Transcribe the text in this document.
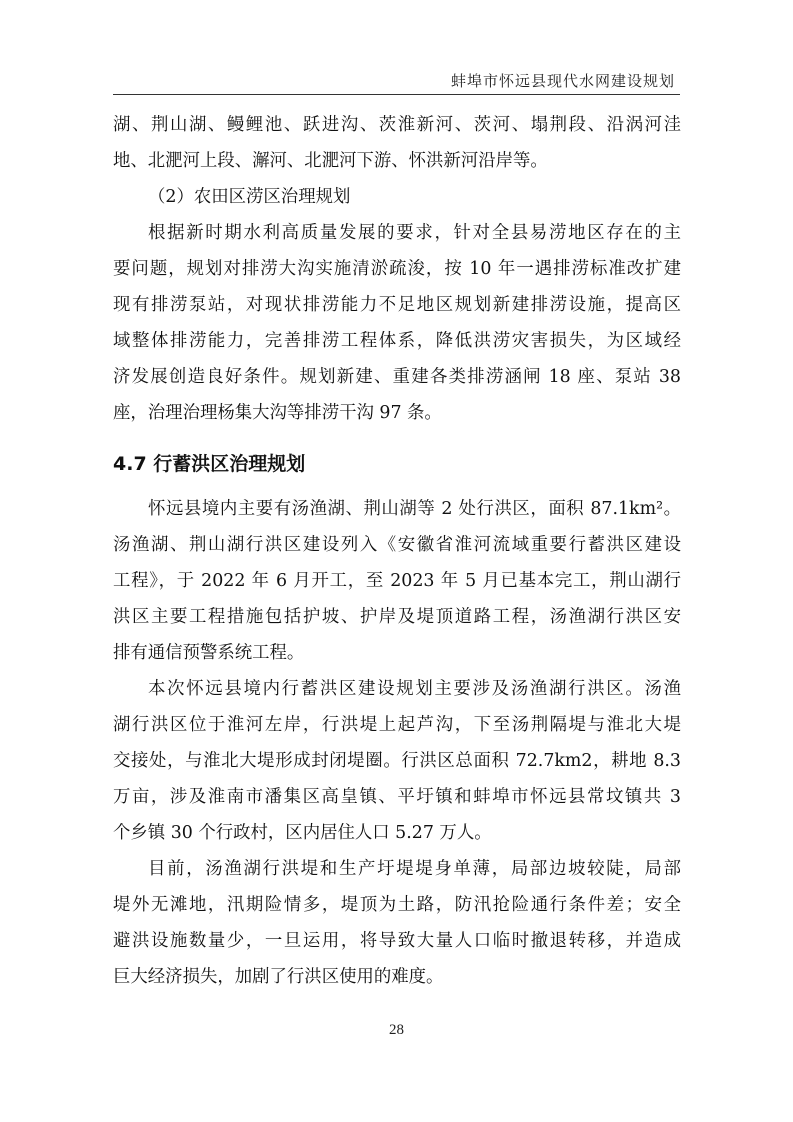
蚌埠市怀远县现代水网建设规划
湖、荆山湖、鳗鲤池、跃进沟、茨淮新河、茨河、塌荆段、沿涡河洼
地、北淝河上段、澥河、北淝河下游、怀洪新河沿岸等。
（2）农田区涝区治理规划
根据新时期水利高质量发展的要求，针对全县易涝地区存在的主
要问题，规划对排涝大沟实施清淤疏浚，按 10 年一遇排涝标准改扩建
现有排涝泵站，对现状排涝能力不足地区规划新建排涝设施，提高区
域整体排涝能力，完善排涝工程体系，降低洪涝灾害损失，为区域经
济发展创造良好条件。规划新建、重建各类排涝涵闸 18 座、泵站 38
座，治理治理杨集大沟等排涝干沟 97 条。
4.7 行蓄洪区治理规划
怀远县境内主要有汤渔湖、荆山湖等 2 处行洪区，面积 87.1km²。
汤渔湖、荆山湖行洪区建设列入《安徽省淮河流域重要行蓄洪区建设
工程》，于 2022 年 6 月开工，至 2023 年 5 月已基本完工，荆山湖行
洪区主要工程措施包括护坡、护岸及堤顶道路工程，汤渔湖行洪区安
排有通信预警系统工程。
本次怀远县境内行蓄洪区建设规划主要涉及汤渔湖行洪区。汤渔
湖行洪区位于淮河左岸，行洪堤上起芦沟，下至汤荆隔堤与淮北大堤
交接处，与淮北大堤形成封闭堤圈。行洪区总面积 72.7km2，耕地 8.3
万亩，涉及淮南市潘集区高皇镇、平圩镇和蚌埠市怀远县常坟镇共 3
个乡镇 30 个行政村，区内居住人口 5.27 万人。
目前，汤渔湖行洪堤和生产圩堤堤身单薄，局部边坡较陡，局部
堤外无滩地，汛期险情多，堤顶为土路，防汛抢险通行条件差；安全
避洪设施数量少，一旦运用，将导致大量人口临时撤退转移，并造成
巨大经济损失，加剧了行洪区使用的难度。
28
